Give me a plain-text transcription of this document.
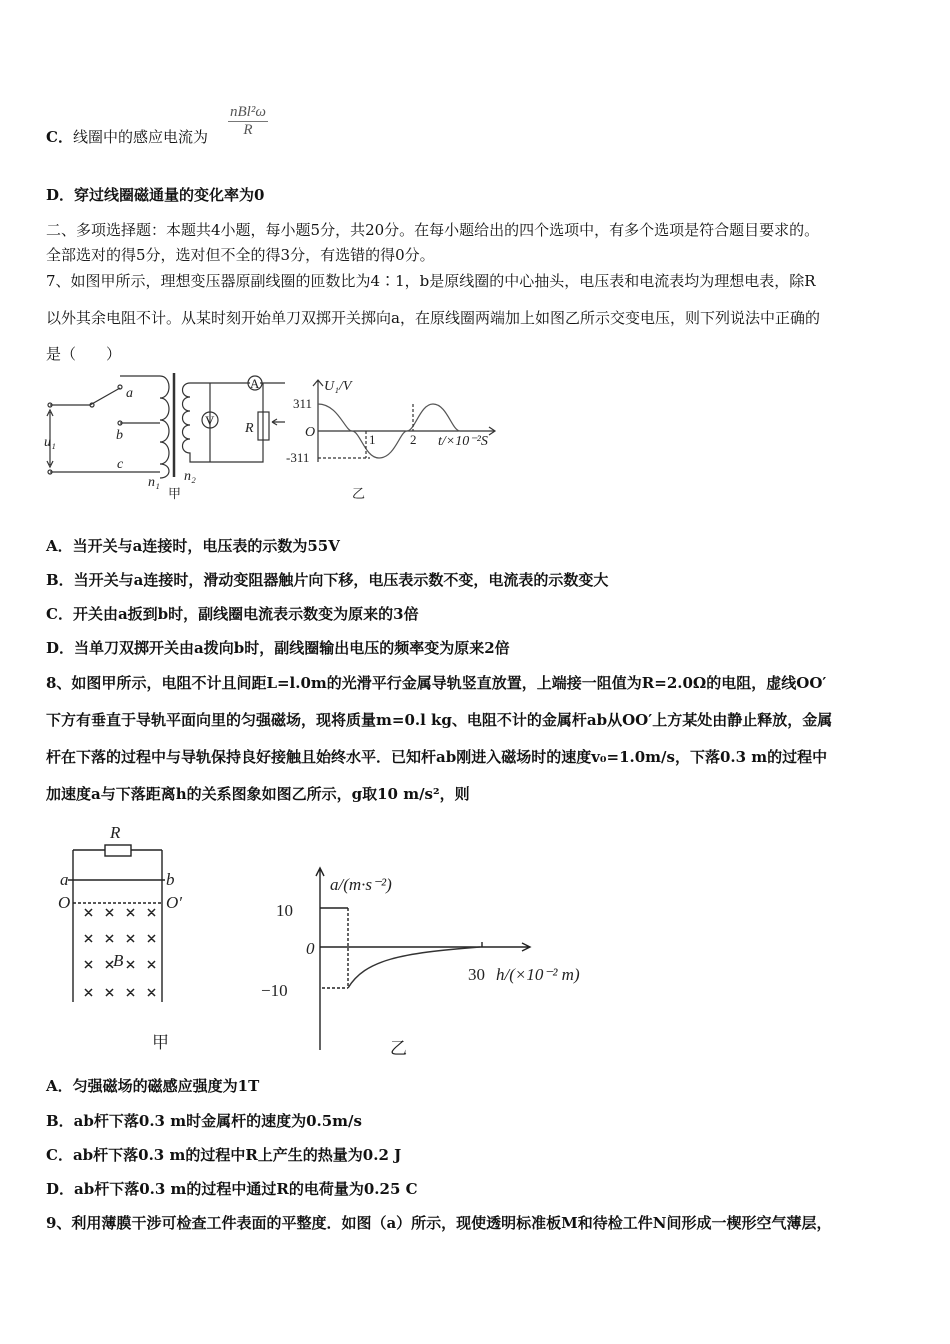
C．线圈中的感应电流为
nBl²ω
R
D．穿过线圈磁通量的变化率为0
二、多项选择题：本题共4小题，每小题5分，共20分。在每小题给出的四个选项中，有多个选项是符合题目要求的。
全部选对的得5分，选对但不全的得3分，有选错的得0分。
7、如图甲所示，理想变压器原副线圈的匝数比为4∶1，b是原线圈的中心抽头，电压表和电流表均为理想电表，除R
以外其余电阻不计。从某时刻开始单刀双掷开关掷向a，在原线圈两端加上如图乙所示交变电压，则下列说法中正确的
是（　　）
a
b
c
u₁
n₁ n₂
R
U₁/V
O
t/×10⁻²S
A
V
311
-311
1	2
甲	乙
A．当开关与a连接时，电压表的示数为55V
B．当开关与a连接时，滑动变阻器触片向下移，电压表示数不变，电流表的示数变大
C．开关由a扳到b时，副线圈电流表示数变为原来的3倍
D．当单刀双掷开关由a拨向b时，副线圈输出电压的频率变为原来2倍
8、如图甲所示，电阻不计且间距L=l.0m的光滑平行金属导轨竖直放置，上端接一阻值为R=2.0Ω的电阻，虚线OO′
下方有垂直于导轨平面向里的匀强磁场，现将质量m=0.l kg、电阻不计的金属杆ab从OO′上方某处由静止释放，金属
杆在下落的过程中与导轨保持良好接触且始终水平．已知杆ab刚进入磁场时的速度v₀=1.0m/s，下落0.3 m的过程中
加速度a与下落距离h的关系图象如图乙所示，g取10 m/s²，则
R
a	b
O	O′
B
a/(m·s⁻²)
0
h/(×10⁻² m)
10
−10
30
甲	乙
A．匀强磁场的磁感应强度为1T
B．ab杆下落0.3 m时金属杆的速度为0.5m/s
C．ab杆下落0.3 m的过程中R上产生的热量为0.2 J
D．ab杆下落0.3 m的过程中通过R的电荷量为0.25 C
9、利用薄膜干涉可检查工件表面的平整度．如图（a）所示，现使透明标准板M和待检工件N间形成一楔形空气薄层，
